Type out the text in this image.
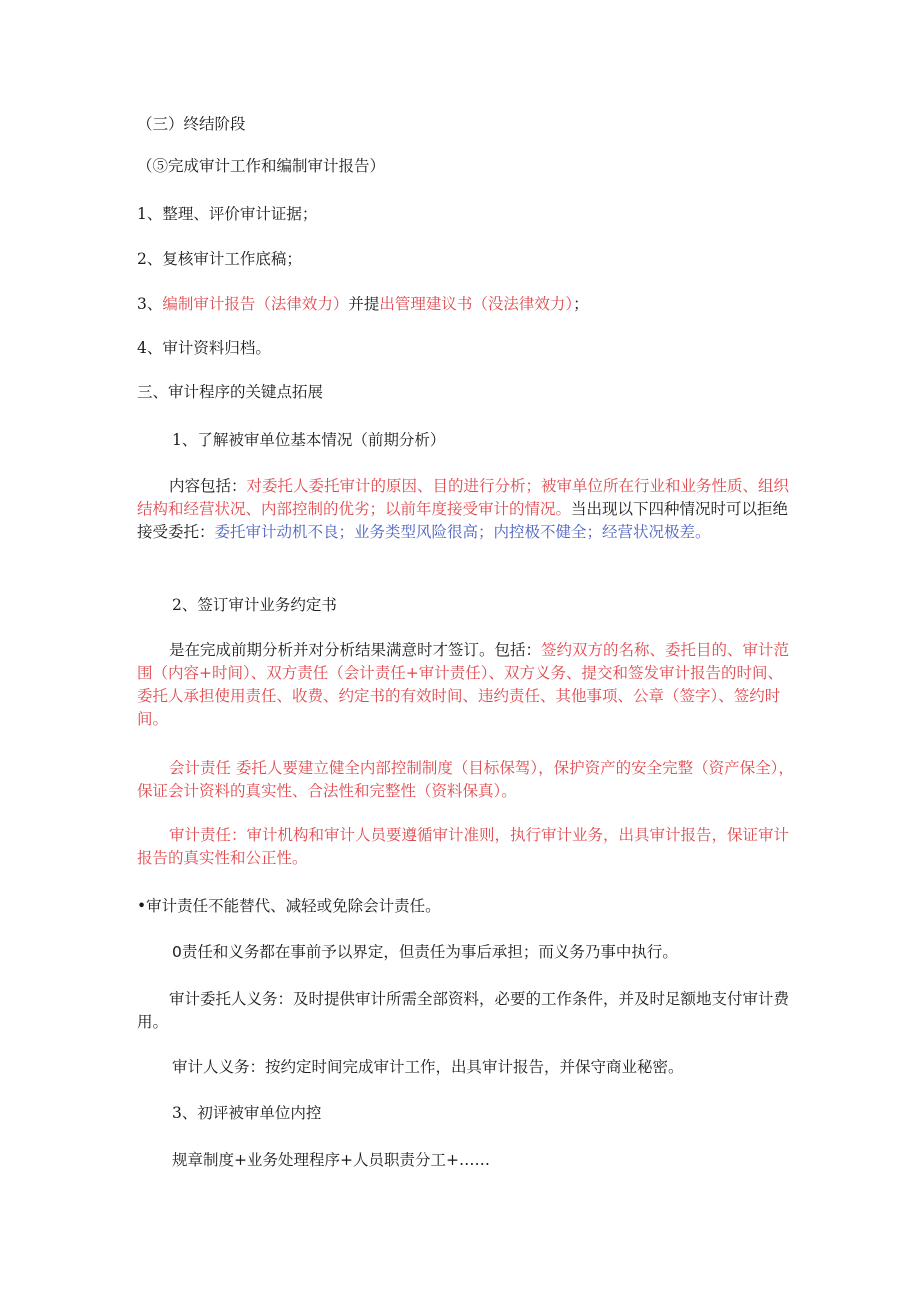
（三）终结阶段

（⑤完成审计工作和编制审计报告）

1、整理、评价审计证据；

2、复核审计工作底稿；

3、编制审计报告（法律效力）并提出管理建议书（没法律效力）；

4、审计资料归档。

三、审计程序的关键点拓展

1、了解被审单位基本情况（前期分析）

内容包括：对委托人委托审计的原因、目的进行分析；被审单位所在行业和业务性质、组织结构和经营状况、内部控制的优劣；以前年度接受审计的情况。当出现以下四种情况时可以拒绝接受委托：委托审计动机不良；业务类型风险很高；内控极不健全；经营状况极差。

2、签订审计业务约定书

是在完成前期分析并对分析结果满意时才签订。包括：签约双方的名称、委托目的、审计范围（内容+时间）、双方责任（会计责任+审计责任）、双方义务、提交和签发审计报告的时间、委托人承担使用责任、收费、约定书的有效时间、违约责任、其他事项、公章（签字）、签约时间。

会计责任 委托人要建立健全内部控制制度（目标保驾），保护资产的安全完整（资产保全），保证会计资料的真实性、合法性和完整性（资料保真）。

审计责任：审计机构和审计人员要遵循审计准则，执行审计业务，出具审计报告，保证审计报告的真实性和公正性。

•审计责任不能替代、减轻或免除会计责任。

0责任和义务都在事前予以界定，但责任为事后承担；而义务乃事中执行。

审计委托人义务：及时提供审计所需全部资料，必要的工作条件，并及时足额地支付审计费用。

审计人义务：按约定时间完成审计工作，出具审计报告，并保守商业秘密。

3、初评被审单位内控

规章制度+业务处理程序+人员职责分工+……
